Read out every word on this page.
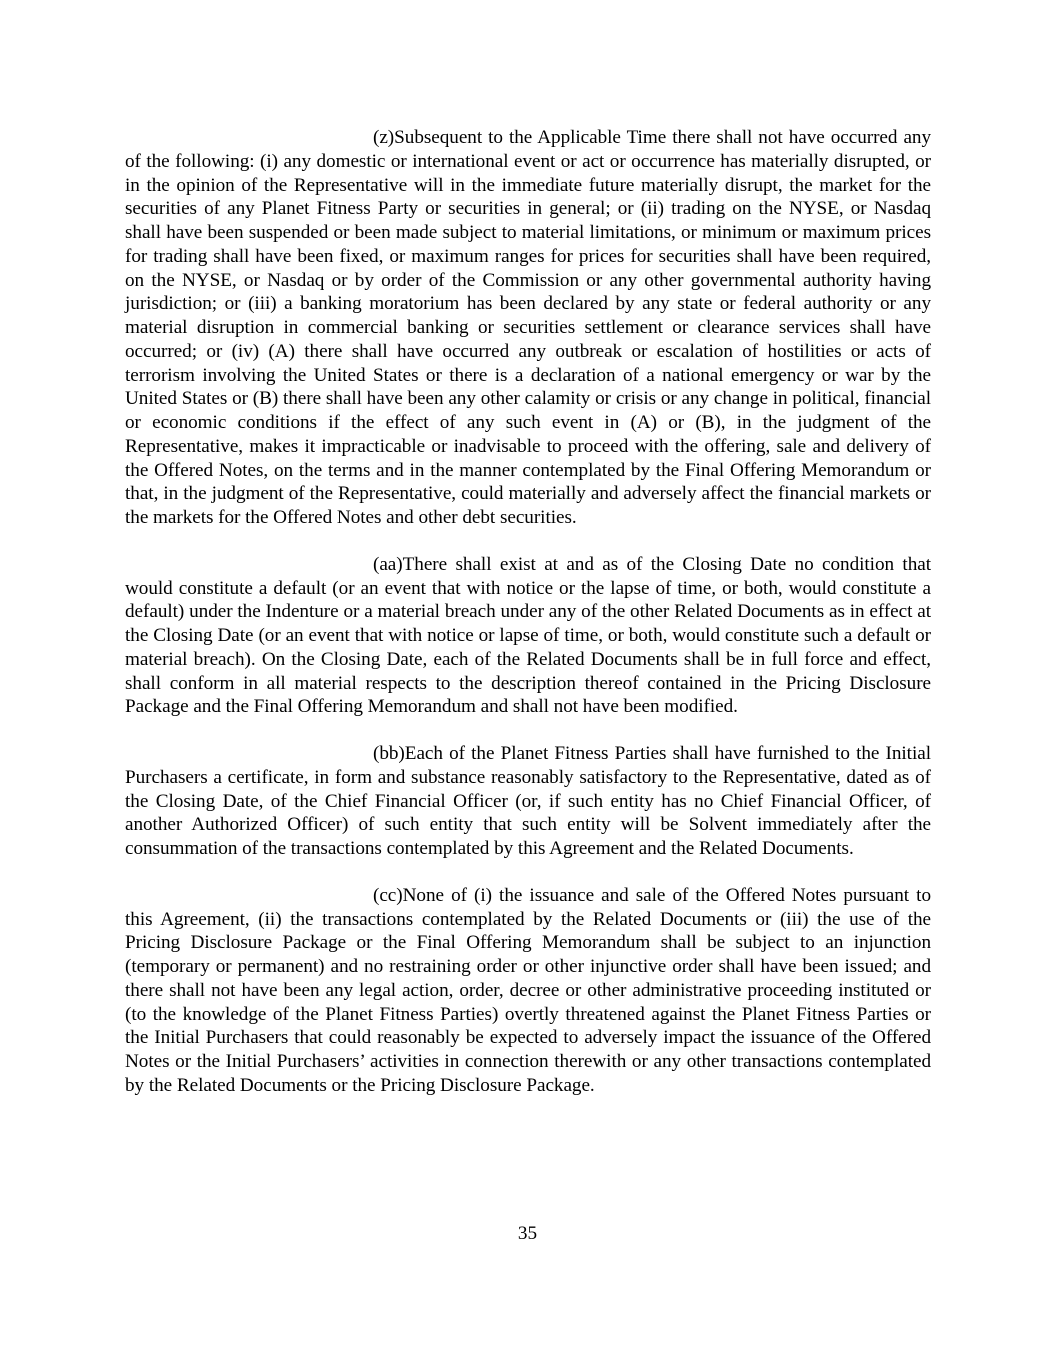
(z)Subsequent to the Applicable Time there shall not have occurred any of the following: (i) any domestic or international event or act or occurrence has materially disrupted, or in the opinion of the Representative will in the immediate future materially disrupt, the market for the securities of any Planet Fitness Party or securities in general; or (ii) trading on the NYSE, or Nasdaq shall have been suspended or been made subject to material limitations, or minimum or maximum prices for trading shall have been fixed, or maximum ranges for prices for securities shall have been required, on the NYSE, or Nasdaq or by order of the Commission or any other governmental authority having jurisdiction; or (iii) a banking moratorium has been declared by any state or federal authority or any material disruption in commercial banking or securities settlement or clearance services shall have occurred; or (iv) (A) there shall have occurred any outbreak or escalation of hostilities or acts of terrorism involving the United States or there is a declaration of a national emergency or war by the United States or (B) there shall have been any other calamity or crisis or any change in political, financial or economic conditions if the effect of any such event in (A) or (B), in the judgment of the Representative, makes it impracticable or inadvisable to proceed with the offering, sale and delivery of the Offered Notes, on the terms and in the manner contemplated by the Final Offering Memorandum or that, in the judgment of the Representative, could materially and adversely affect the financial markets or the markets for the Offered Notes and other debt securities.

(aa)There shall exist at and as of the Closing Date no condition that would constitute a default (or an event that with notice or the lapse of time, or both, would constitute a default) under the Indenture or a material breach under any of the other Related Documents as in effect at the Closing Date (or an event that with notice or lapse of time, or both, would constitute such a default or material breach). On the Closing Date, each of the Related Documents shall be in full force and effect, shall conform in all material respects to the description thereof contained in the Pricing Disclosure Package and the Final Offering Memorandum and shall not have been modified.

(bb)Each of the Planet Fitness Parties shall have furnished to the Initial Purchasers a certificate, in form and substance reasonably satisfactory to the Representative, dated as of the Closing Date, of the Chief Financial Officer (or, if such entity has no Chief Financial Officer, of another Authorized Officer) of such entity that such entity will be Solvent immediately after the consummation of the transactions contemplated by this Agreement and the Related Documents.

(cc)None of (i) the issuance and sale of the Offered Notes pursuant to this Agreement, (ii) the transactions contemplated by the Related Documents or (iii) the use of the Pricing Disclosure Package or the Final Offering Memorandum shall be subject to an injunction (temporary or permanent) and no restraining order or other injunctive order shall have been issued; and there shall not have been any legal action, order, decree or other administrative proceeding instituted or (to the knowledge of the Planet Fitness Parties) overtly threatened against the Planet Fitness Parties or the Initial Purchasers that could reasonably be expected to adversely impact the issuance of the Offered Notes or the Initial Purchasers’ activities in connection therewith or any other transactions contemplated by the Related Documents or the Pricing Disclosure Package.

35
